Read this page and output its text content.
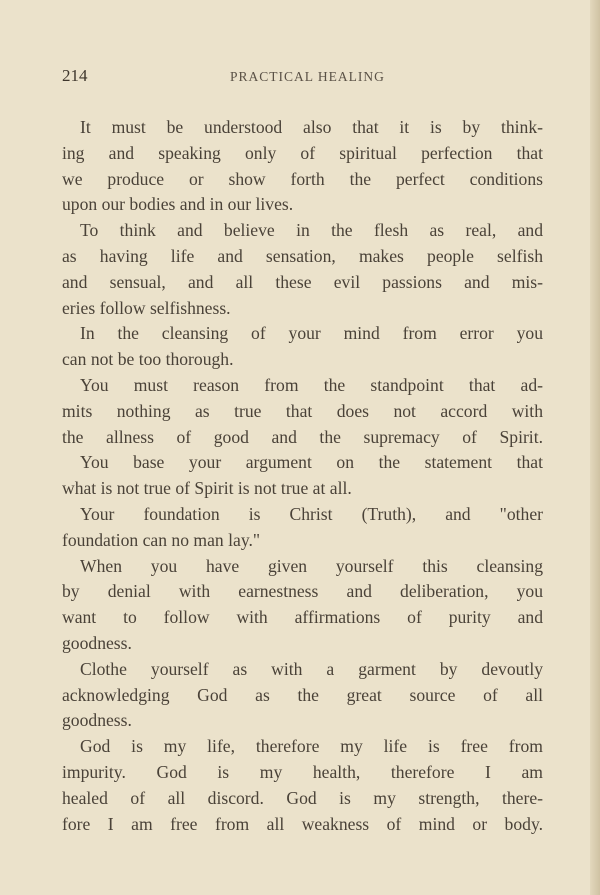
214	PRACTICAL HEALING
It must be understood also that it is by think-
ing and speaking only of spiritual perfection that
we produce or show forth the perfect conditions
upon our bodies and in our lives.
To think and believe in the flesh as real, and
as having life and sensation, makes people selfish
and sensual, and all these evil passions and mis-
eries follow selfishness.
In the cleansing of your mind from error you
can not be too thorough.
You must reason from the standpoint that ad-
mits nothing as true that does not accord with
the allness of good and the supremacy of Spirit.
You base your argument on the statement that
what is not true of Spirit is not true at all.
Your foundation is Christ (Truth), and "other
foundation can no man lay."
When you have given yourself this cleansing
by denial with earnestness and deliberation, you
want to follow with affirmations of purity and
goodness.
Clothe yourself as with a garment by devoutly
acknowledging God as the great source of all
goodness.
God is my life, therefore my life is free from
impurity. God is my health, therefore I am
healed of all discord. God is my strength, there-
fore I am free from all weakness of mind or body.
